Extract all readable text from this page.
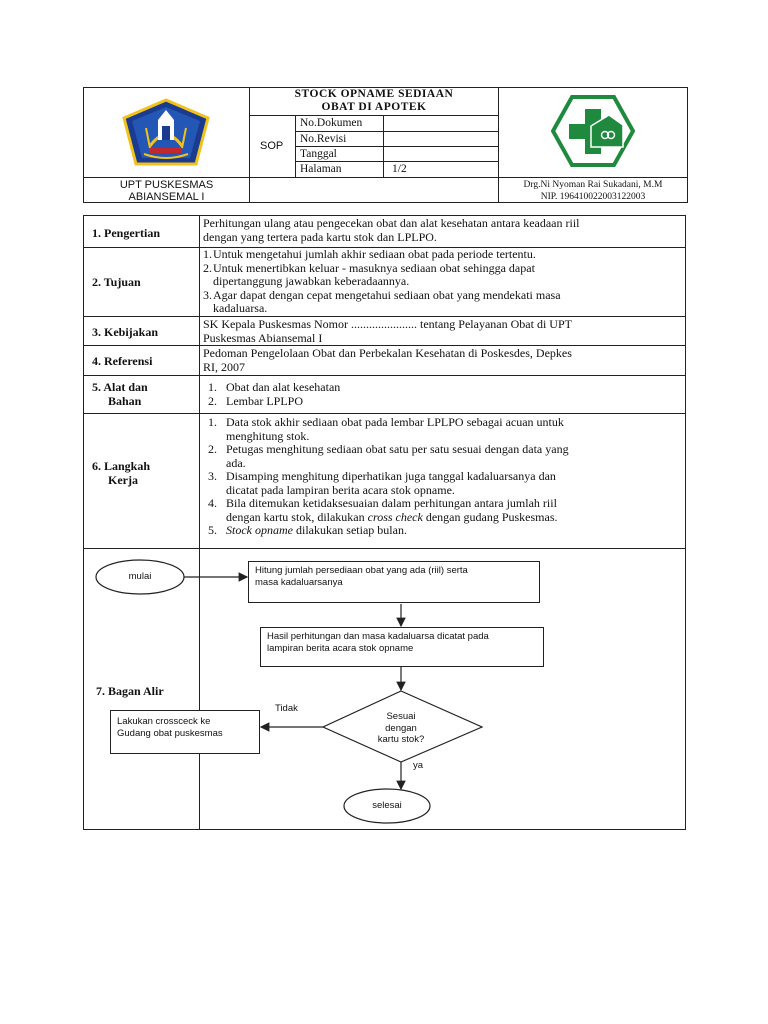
STOCK OPNAME SEDIAAN
OBAT DI APOTEK
SOP
No.Dokumen
No.Revisi
Tanggal
Halaman	1/2
UPT PUSKESMAS
ABIANSEMAL I
Drg.Ni Nyoman Rai Sukadani, M.M
NIP. 196410022003122003
1. Pengertian
Perhitungan ulang atau pengecekan obat dan alat kesehatan antara keadaan riil
dengan yang tertera pada kartu stok dan LPLPO.
2. Tujuan
1. Untuk mengetahui jumlah akhir sediaan obat pada periode tertentu.
2. Untuk menertibkan keluar - masuknya sediaan obat sehingga dapat
dipertanggung jawabkan keberadaannya.
3. Agar dapat dengan cepat mengetahui sediaan obat yang mendekati masa
kadaluarsa.
3. Kebijakan
SK Kepala Puskesmas Nomor ...................... tentang Pelayanan Obat di UPT
Puskesmas Abiansemal I
4. Referensi
Pedoman Pengelolaan Obat dan Perbekalan Kesehatan di Poskesdes, Depkes
RI, 2007
5. Alat dan
Bahan
1. Obat dan alat kesehatan
2. Lembar LPLPO
6. Langkah
Kerja
1. Data stok akhir sediaan obat pada lembar LPLPO sebagai acuan untuk
menghitung stok.
2. Petugas menghitung sediaan obat satu per satu sesuai dengan data yang
ada.
3. Disamping menghitung diperhatikan juga tanggal kadaluarsanya dan
dicatat pada lampiran berita acara stok opname.
4. Bila ditemukan ketidaksesuaian dalam perhitungan antara jumlah riil
dengan kartu stok, dilakukan cross check dengan gudang Puskesmas.
5. Stock opname dilakukan setiap bulan.
7. Bagan Alir
mulai
Hitung jumlah persediaan obat yang ada (riil) serta
masa kadaluarsanya
Hasil perhitungan dan masa kadaluarsa dicatat pada
lampiran berita acara stok opname
Sesuai
dengan
kartu stok?
Tidak
ya
Lakukan crossceck ke
Gudang obat puskesmas
selesai
